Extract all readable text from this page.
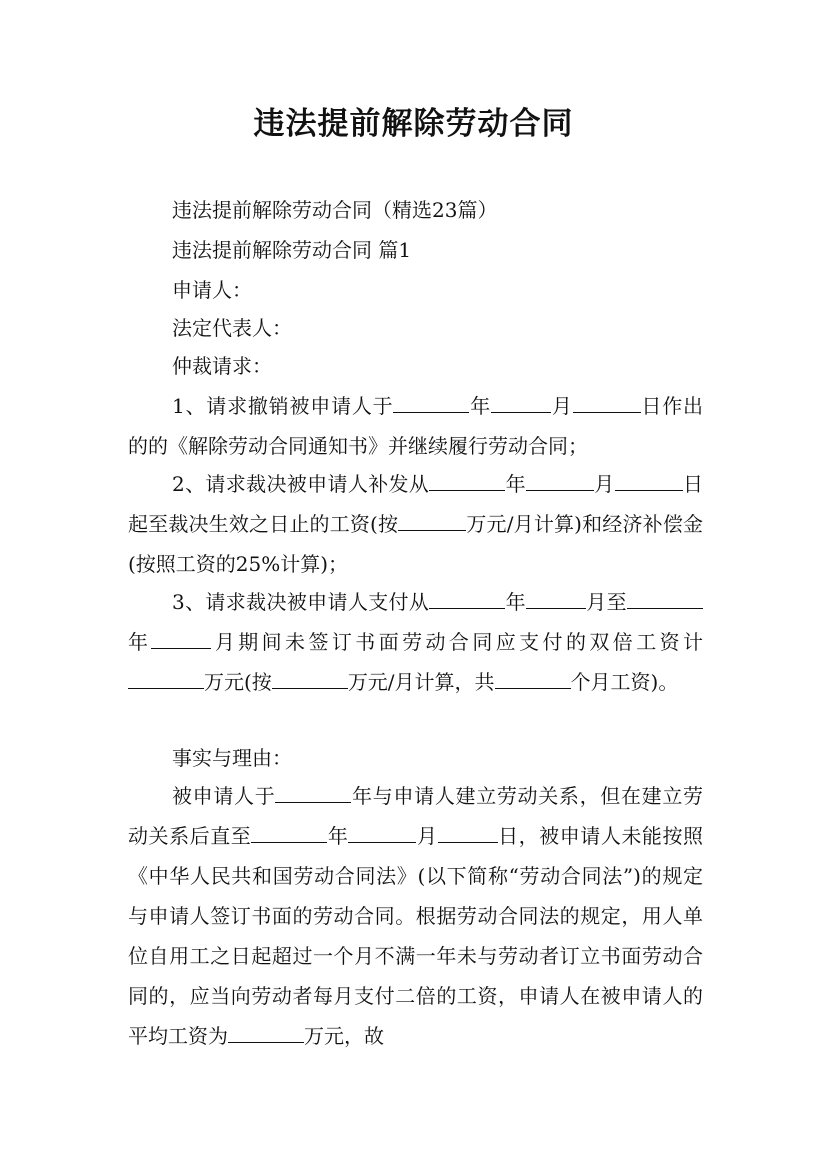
违法提前解除劳动合同

违法提前解除劳动合同（精选23篇）

违法提前解除劳动合同 篇1

申请人：

法定代表人：

仲裁请求：

1、请求撤销被申请人于	年	月	日作出的的《解除劳动合同通知书》并继续履行劳动合同；

2、请求裁决被申请人补发从	年	月	日起至裁决生效之日止的工资(按	万元/月计算)和经济补偿金(按照工资的25%计算)；

3、请求裁决被申请人支付从	年	月至年	月期间未签订书面劳动合同应支付的双倍工资计万元(按	万元/月计算，共	个月工资)。

事实与理由：

被申请人于	年与申请人建立劳动关系，但在建立劳动关系后直至	年	月	日，被申请人未能按照《中华人民共和国劳动合同法》(以下简称“劳动合同法”)的规定与申请人签订书面的劳动合同。根据劳动合同法的规定，用人单位自用工之日起超过一个月不满一年未与劳动者订立书面劳动合同的，应当向劳动者每月支付二倍的工资，申请人在被申请人的平均工资为	万元，故
